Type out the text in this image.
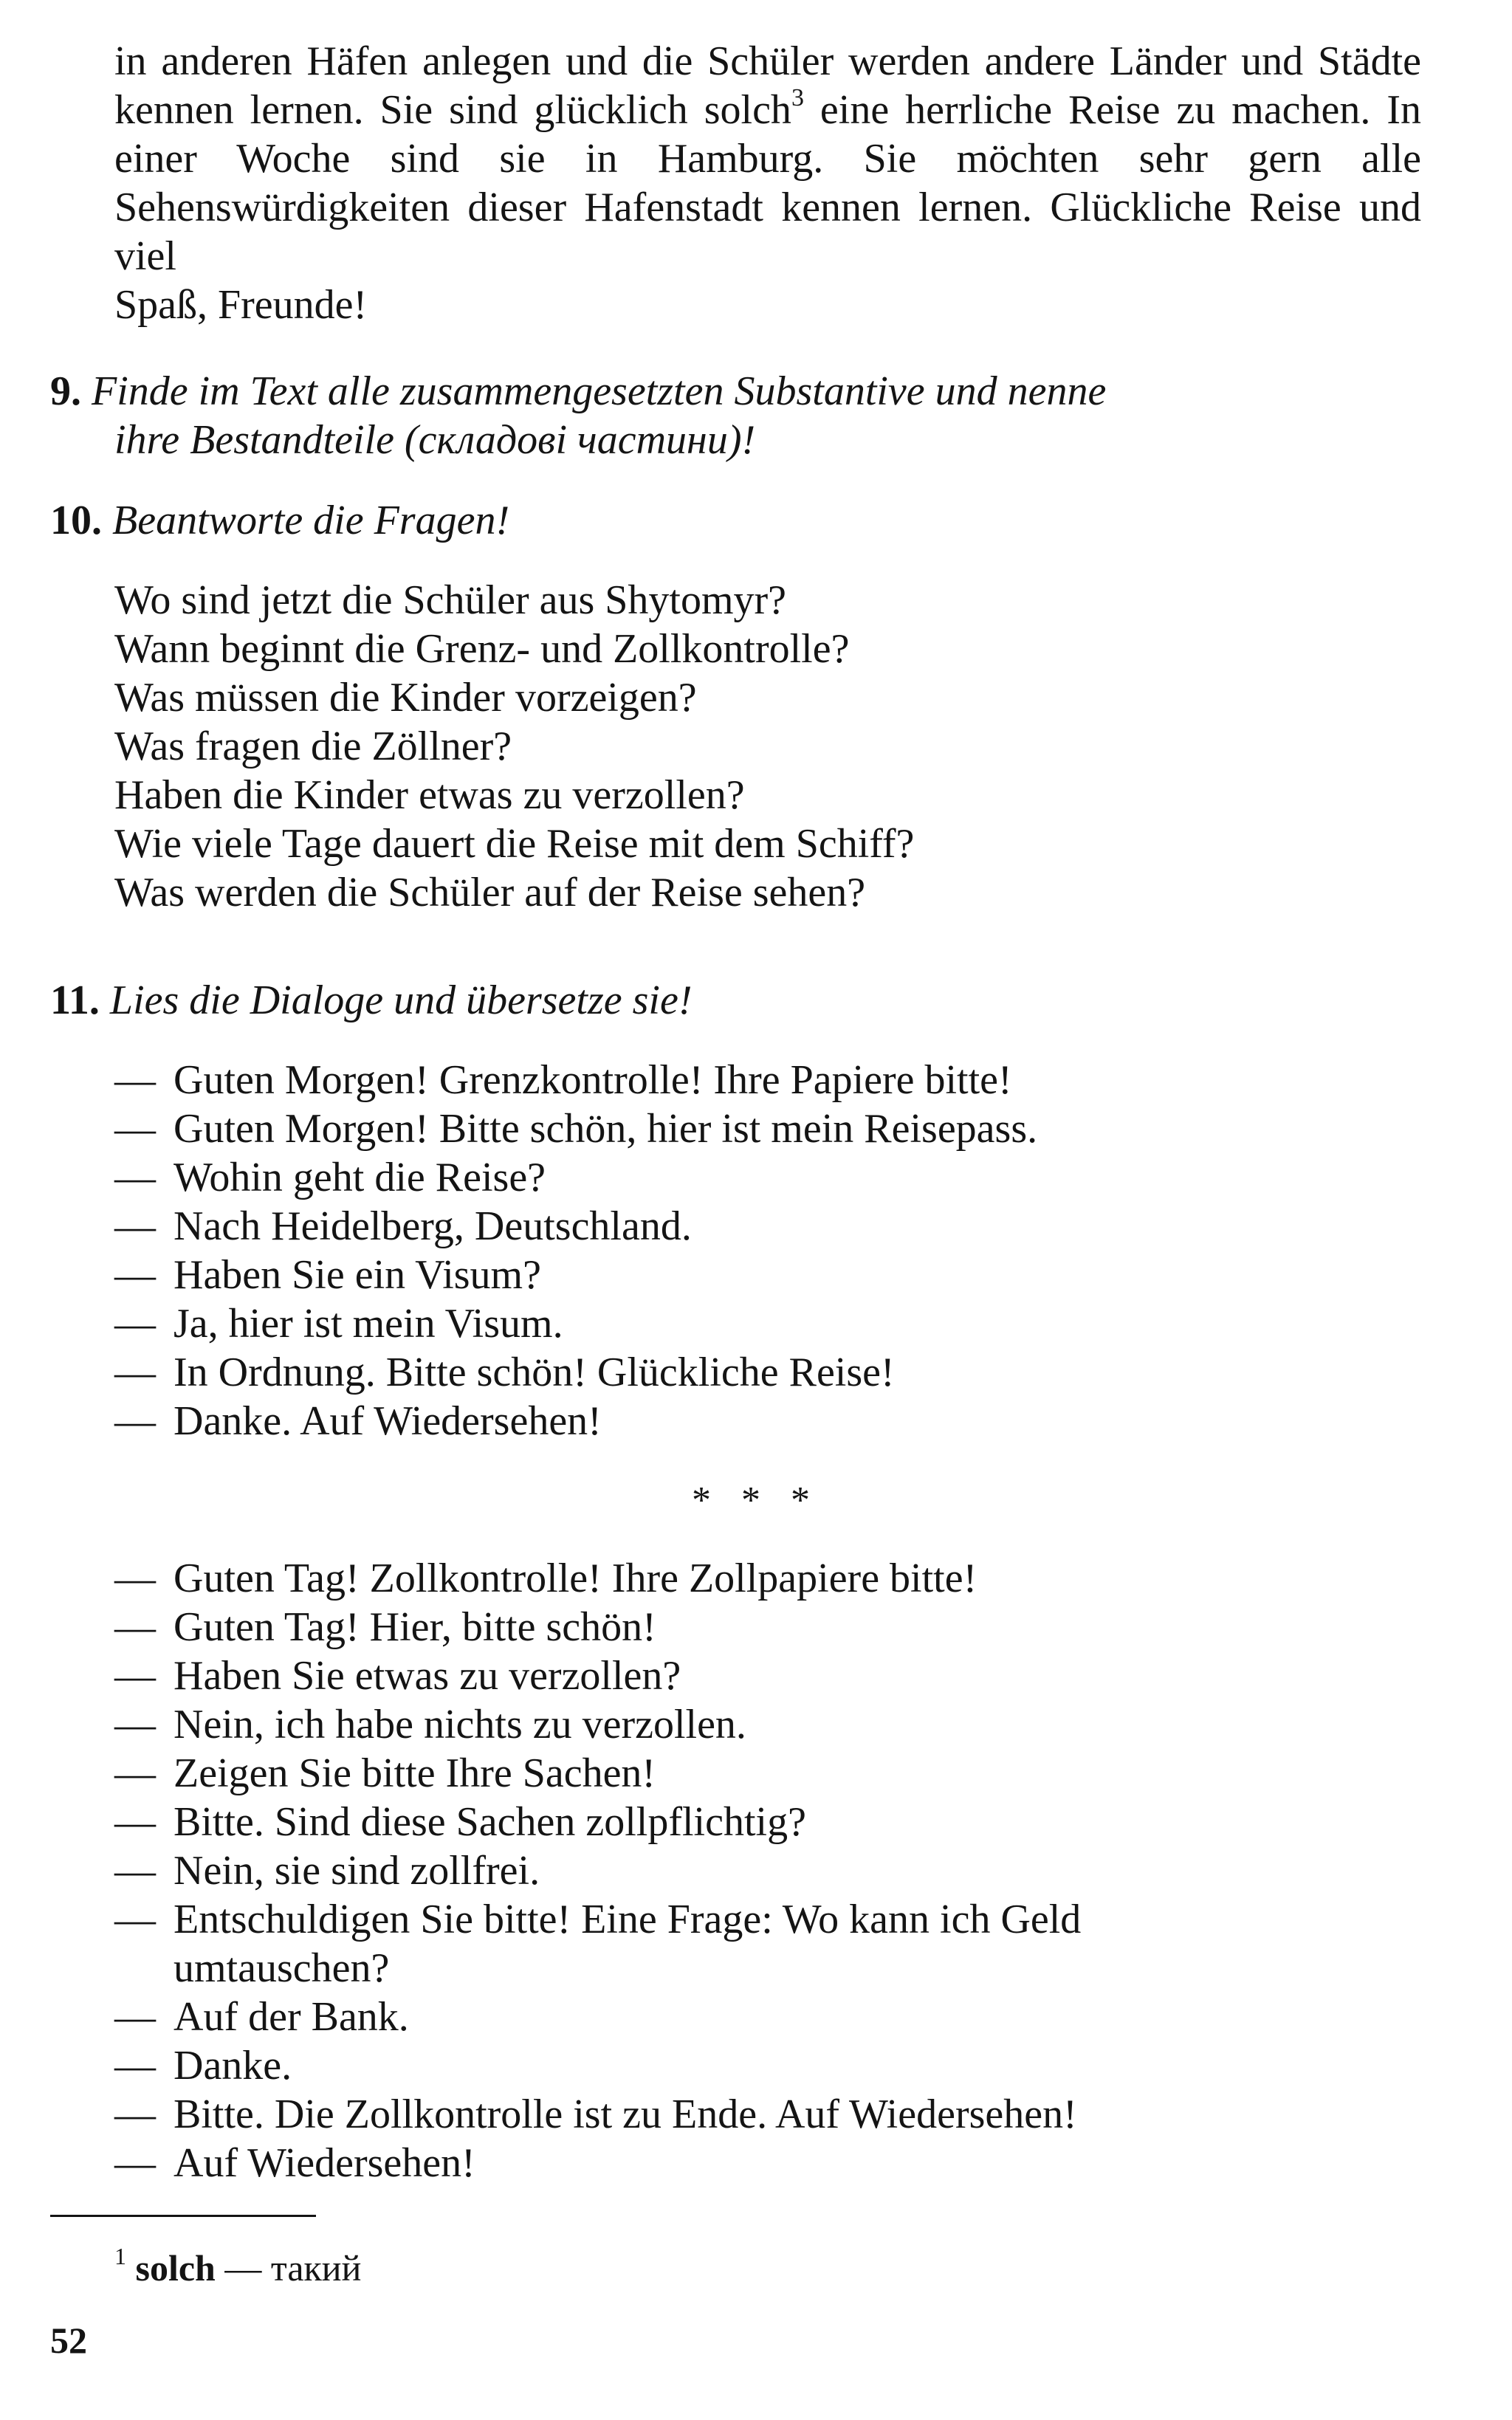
in anderen Häfen anlegen und die Schüler werden andere Länder und Städte kennen lernen. Sie sind glücklich solch$^3$ eine herrliche Reise zu machen. In einer Woche sind sie in Hamburg. Sie möchten sehr gern alle Sehenswürdigkeiten dieser Hafenstadt kennen lernen. Glückliche Reise und viel
Spaß, Freunde!
9. Finde im Text alle zusammengesetzten Substantive und nenne
ihre Bestandteile (складові частини)!
10. Beantworte die Fragen!
Wo sind jetzt die Schüler aus Shytomyr?
Wann beginnt die Grenz- und Zollkontrolle?
Was müssen die Kinder vorzeigen?
Was fragen die Zöllner?
Haben die Kinder etwas zu verzollen?
Wie viele Tage dauert die Reise mit dem Schiff?
Was werden die Schüler auf der Reise sehen?
11. Lies die Dialoge und übersetze sie!
— Guten Morgen! Grenzkontrolle! Ihre Papiere bitte!
— Guten Morgen! Bitte schön, hier ist mein Reisepass.
— Wohin geht die Reise?
— Nach Heidelberg, Deutschland.
— Haben Sie ein Visum?
— Ja, hier ist mein Visum.
— In Ordnung. Bitte schön! Glückliche Reise!
— Danke. Auf Wiedersehen!
* * *
— Guten Tag! Zollkontrolle! Ihre Zollpapiere bitte!
— Guten Tag! Hier, bitte schön!
— Haben Sie etwas zu verzollen?
— Nein, ich habe nichts zu verzollen.
— Zeigen Sie bitte Ihre Sachen!
— Bitte. Sind diese Sachen zollpflichtig?
— Nein, sie sind zollfrei.
— Entschuldigen Sie bitte! Eine Frage: Wo kann ich Geld
umtauschen?
— Auf der Bank.
— Danke.
— Bitte. Die Zollkontrolle ist zu Ende. Auf Wiedersehen!
— Auf Wiedersehen!
$^1$ solch — такий
52
